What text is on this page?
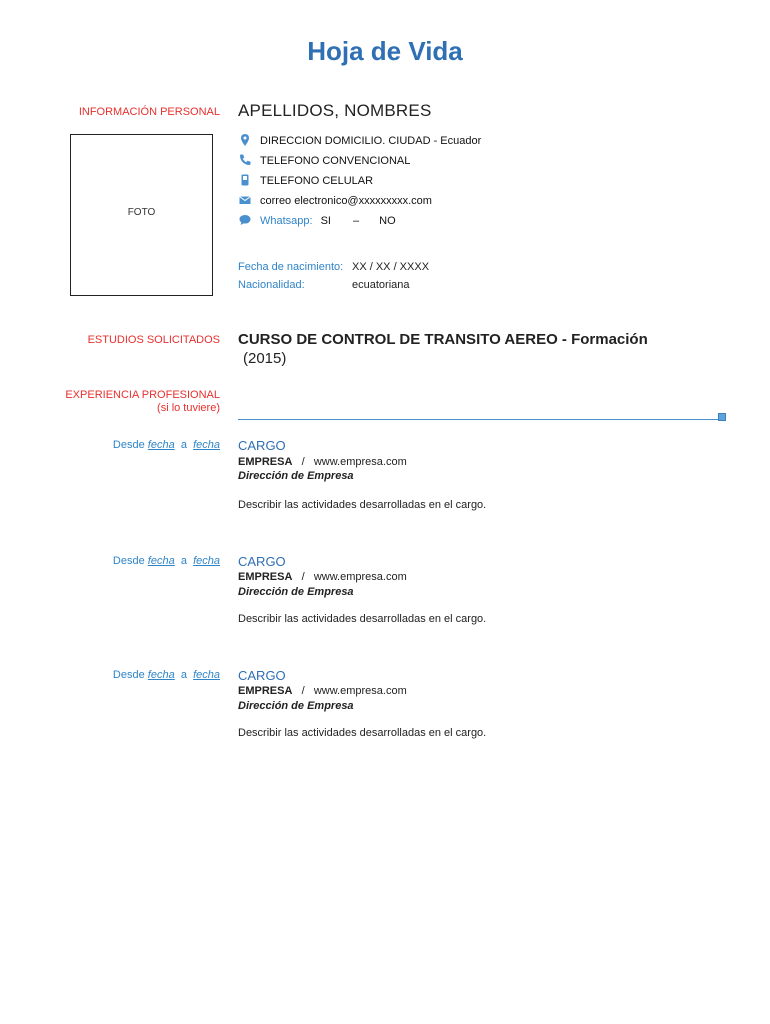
Hoja de Vida
INFORMACIÓN PERSONAL
FOTO
APELLIDOS, NOMBRES
DIRECCION DOMICILIO. CIUDAD - Ecuador
TELEFONO CONVENCIONAL
TELEFONO CELULAR
correo electronico@xxxxxxxxx.com
Whatsapp: SI – NO
Fecha de nacimiento: XX / XX / XXXX
Nacionalidad:	ecuatoriana
ESTUDIOS SOLICITADOS CURSO DE CONTROL DE TRANSITO AEREO - Formación
(2015)
EXPERIENCIA PROFESIONAL
(si lo tuviere)
Desde fecha a fecha CARGO
EMPRESA / www.empresa.com
Dirección de Empresa
Describir las actividades desarrolladas en el cargo.
Desde fecha a fecha CARGO
EMPRESA / www.empresa.com
Dirección de Empresa
Describir las actividades desarrolladas en el cargo.
Desde fecha a fecha CARGO
EMPRESA / www.empresa.com
Dirección de Empresa
Describir las actividades desarrolladas en el cargo.
